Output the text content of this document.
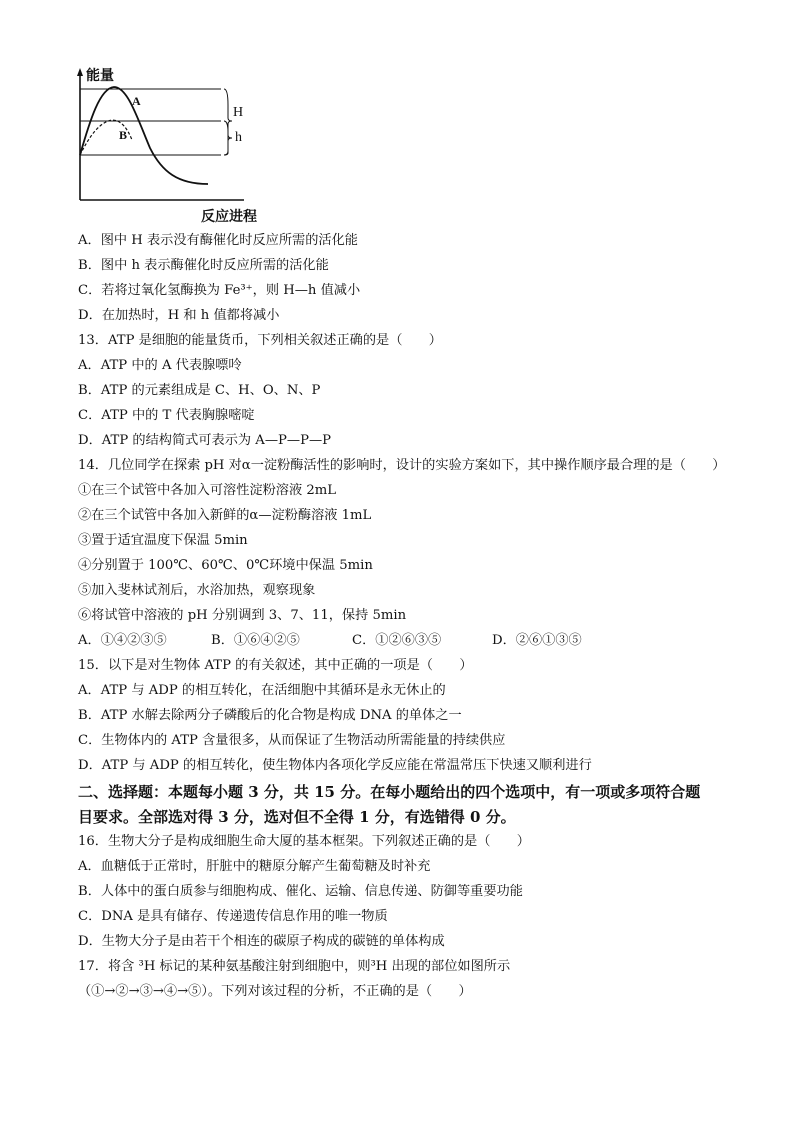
能量
反应进程
A
B
H
h
A．图中 H 表示没有酶催化时反应所需的活化能
B．图中 h 表示酶催化时反应所需的活化能
C．若将过氧化氢酶换为 Fe³⁺，则 H—h 值减小
D．在加热时，H 和 h 值都将减小
13．ATP 是细胞的能量货币，下列相关叙述正确的是（　　）
A．ATP 中的 A 代表腺嘌呤
B．ATP 的元素组成是 C、H、O、N、P
C．ATP 中的 T 代表胸腺嘧啶
D．ATP 的结构简式可表示为 A—P—P—P
14．几位同学在探索 pH 对α一淀粉酶活性的影响时，设计的实验方案如下，其中操作顺序最合理的是（　　）
①在三个试管中各加入可溶性淀粉溶液 2mL
②在三个试管中各加入新鲜的α—淀粉酶溶液 1mL
③置于适宜温度下保温 5min
④分别置于 100℃、60℃、0℃环境中保温 5min
⑤加入斐林试剂后，水浴加热，观察现象
⑥将试管中溶液的 pH 分别调到 3、7、11，保持 5min
A．①④②③⑤	B．①⑥④②⑤	C．①②⑥③⑤	D．②⑥①③⑤
15．以下是对生物体 ATP 的有关叙述，其中正确的一项是（　　）
A．ATP 与 ADP 的相互转化，在活细胞中其循环是永无休止的
B．ATP 水解去除两分子磷酸后的化合物是构成 DNA 的单体之一
C．生物体内的 ATP 含量很多，从而保证了生物活动所需能量的持续供应
D．ATP 与 ADP 的相互转化，使生物体内各项化学反应能在常温常压下快速又顺利进行
二、选择题：本题每小题 3 分，共 15 分。在每小题给出的四个选项中，有一项或多项符合题
目要求。全部选对得 3 分，选对但不全得 1 分，有选错得 0 分。
16．生物大分子是构成细胞生命大厦的基本框架。下列叙述正确的是（　　）
A．血糖低于正常时，肝脏中的糖原分解产生葡萄糖及时补充
B．人体中的蛋白质参与细胞构成、催化、运输、信息传递、防御等重要功能
C．DNA 是具有储存、传递遗传信息作用的唯一物质
D．生物大分子是由若干个相连的碳原子构成的碳链的单体构成
17．将含 ³H 标记的某种氨基酸注射到细胞中，则³H 出现的部位如图所示
（①→②→③→④→⑤）。下列对该过程的分析，不正确的是（　　）
